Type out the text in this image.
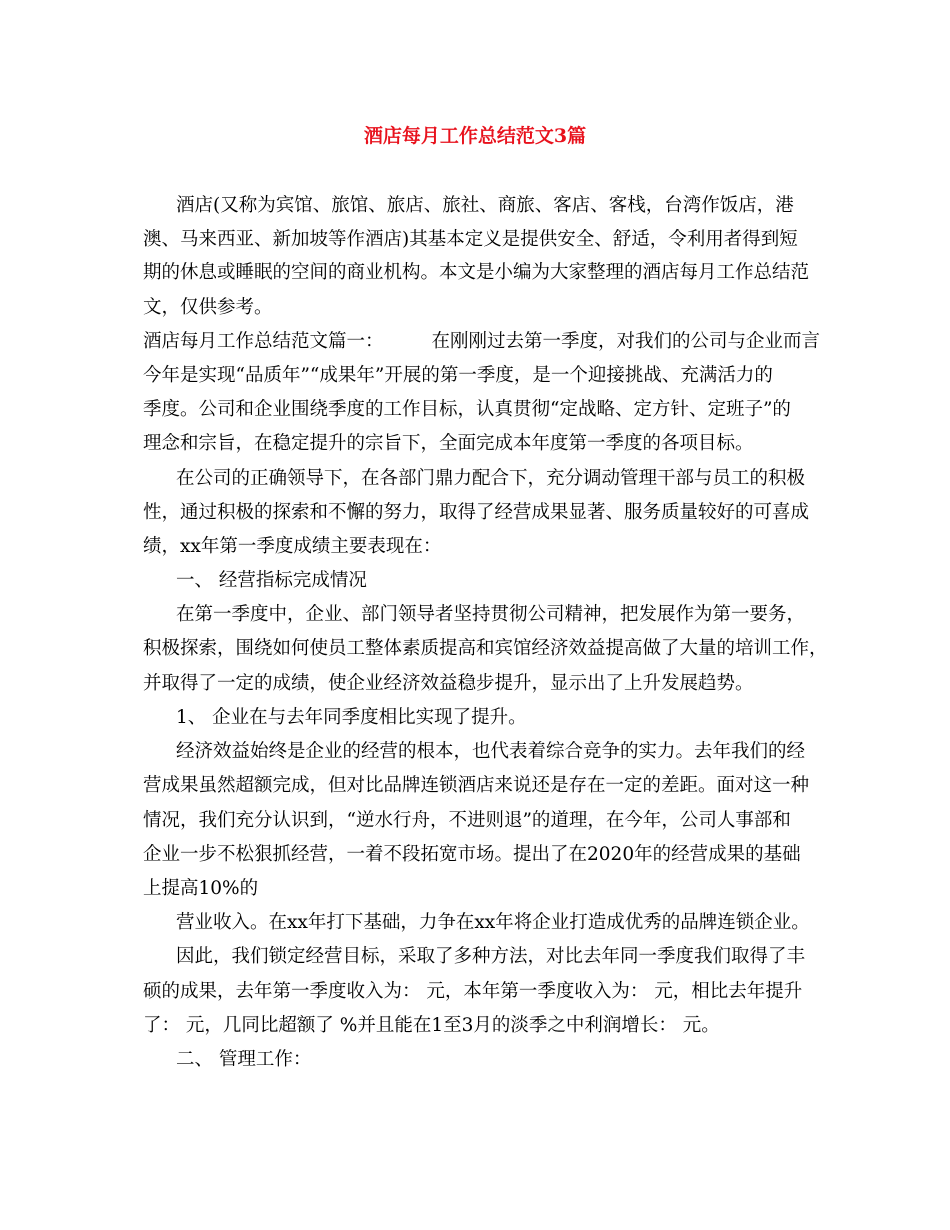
酒店每月工作总结范文3篇
酒店(又称为宾馆、旅馆、旅店、旅社、商旅、客店、客栈，台湾作饭店，港
澳、马来西亚、新加坡等作酒店)其基本定义是提供安全、舒适，令利用者得到短
期的休息或睡眠的空间的商业机构。本文是小编为大家整理的酒店每月工作总结范
文，仅供参考。
酒店每月工作总结范文篇一：	在刚刚过去第一季度，对我们的公司与企业而言
今年是实现“品质年”“成果年”开展的第一季度，是一个迎接挑战、充满活力的
季度。公司和企业围绕季度的工作目标，认真贯彻“定战略、定方针、定班子”的
理念和宗旨，在稳定提升的宗旨下，全面完成本年度第一季度的各项目标。
在公司的正确领导下，在各部门鼎力配合下，充分调动管理干部与员工的积极
性，通过积极的探索和不懈的努力，取得了经营成果显著、服务质量较好的可喜成
绩，xx年第一季度成绩主要表现在：
一、 经营指标完成情况
在第一季度中，企业、部门领导者坚持贯彻公司精神，把发展作为第一要务，
积极探索，围绕如何使员工整体素质提高和宾馆经济效益提高做了大量的培训工作，
并取得了一定的成绩，使企业经济效益稳步提升，显示出了上升发展趋势。
1、 企业在与去年同季度相比实现了提升。
经济效益始终是企业的经营的根本，也代表着综合竞争的实力。去年我们的经
营成果虽然超额完成，但对比品牌连锁酒店来说还是存在一定的差距。面对这一种
情况，我们充分认识到，“逆水行舟，不进则退”的道理，在今年，公司人事部和
企业一步不松狠抓经营，一着不段拓宽市场。提出了在2020年的经营成果的基础
上提高10%的
营业收入。在xx年打下基础，力争在xx年将企业打造成优秀的品牌连锁企业。
因此，我们锁定经营目标，采取了多种方法，对比去年同一季度我们取得了丰
硕的成果，去年第一季度收入为： 元，本年第一季度收入为： 元，相比去年提升
了： 元，几同比超额了 %并且能在1至3月的淡季之中利润增长： 元。
二、 管理工作：
